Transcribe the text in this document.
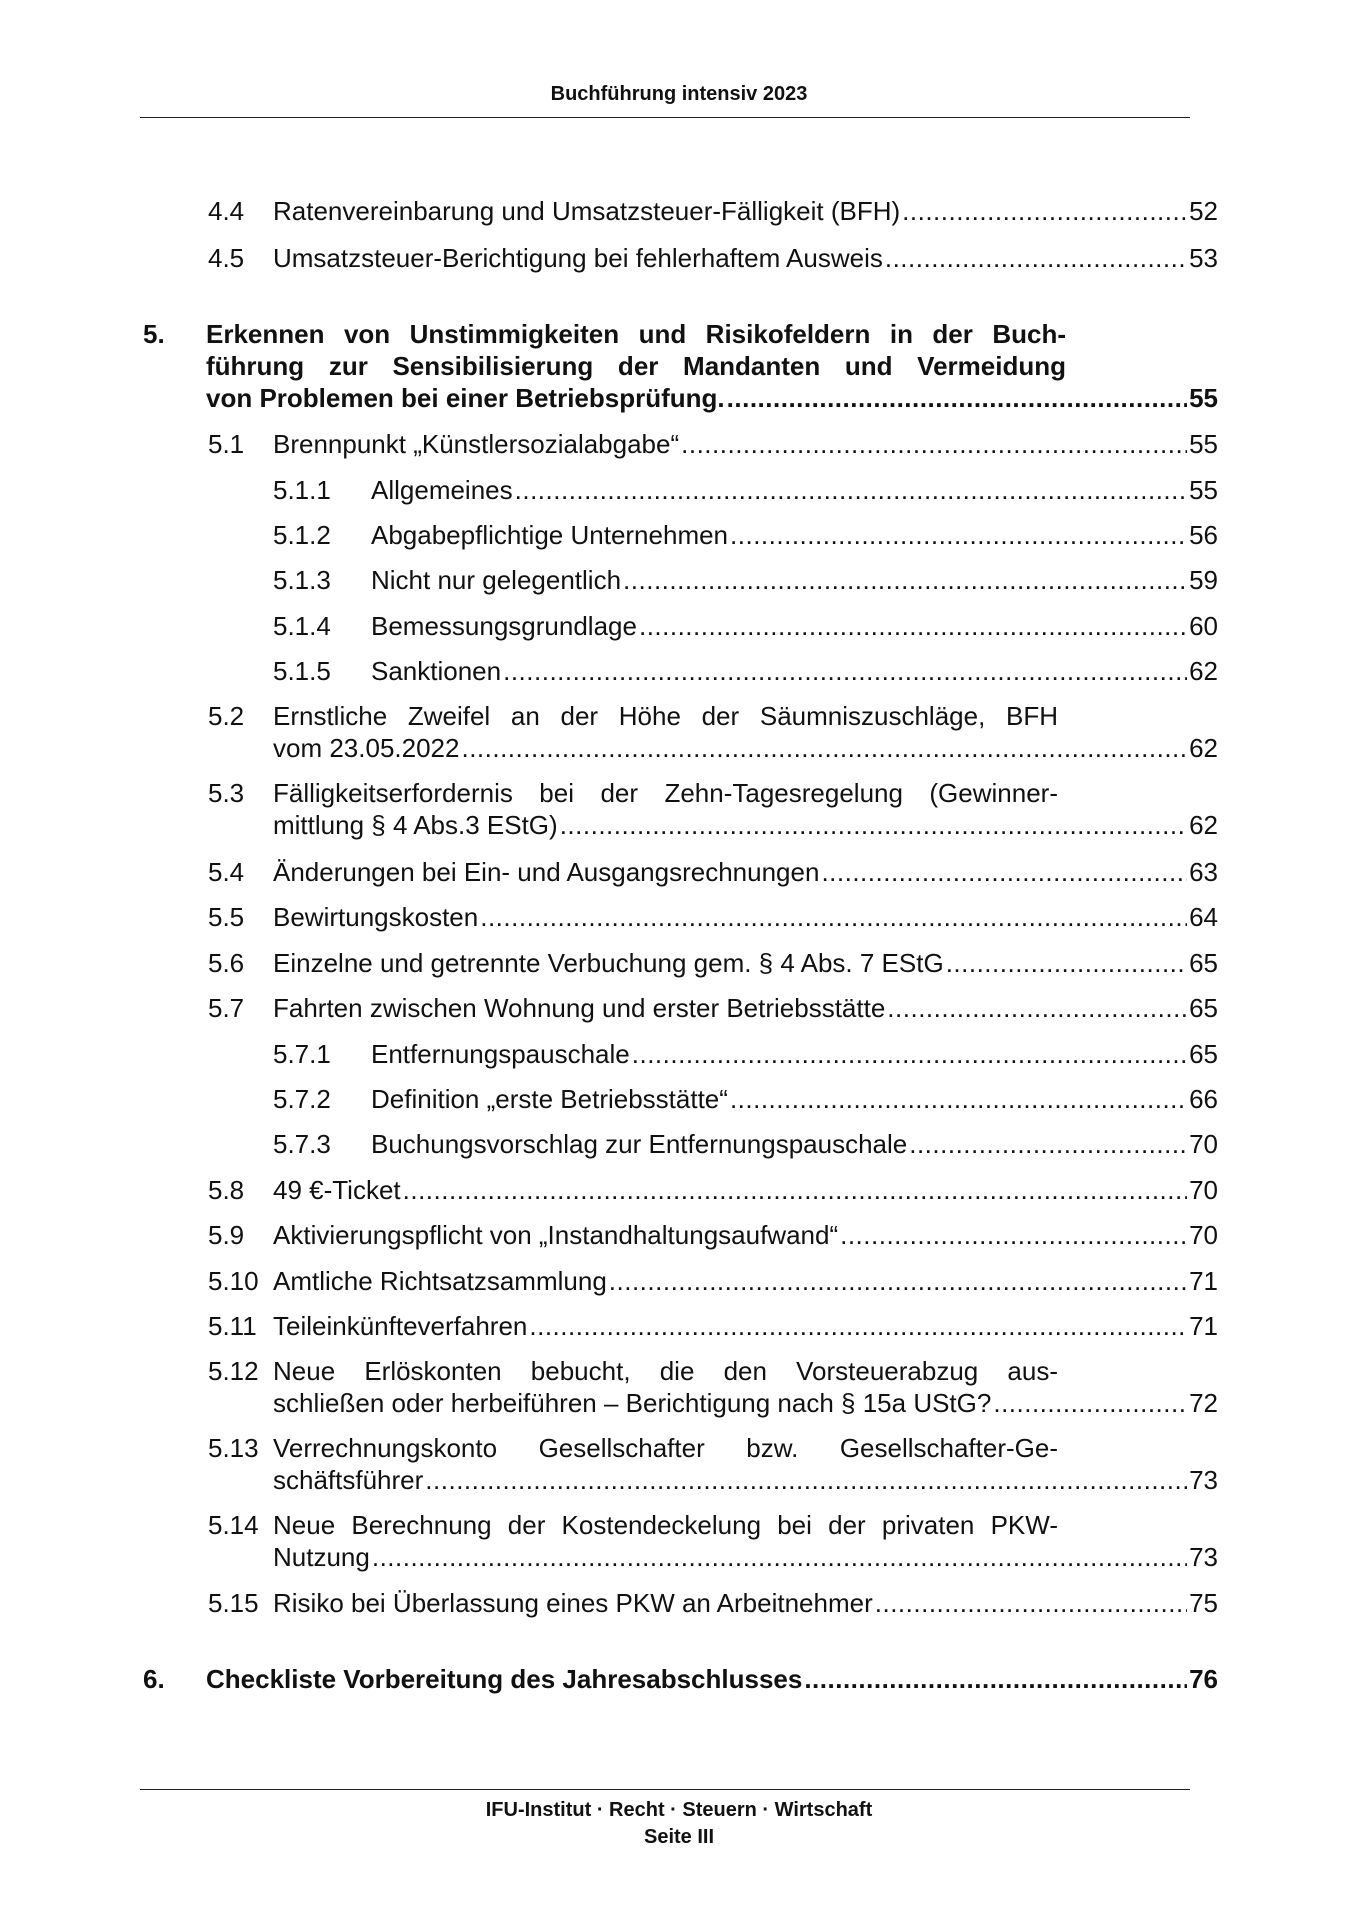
Buchführung intensiv 2023
4.4 Ratenvereinbarung und Umsatzsteuer-Fälligkeit (BFH) .....	52
4.5 Umsatzsteuer-Berichtigung bei fehlerhaftem Ausweis .....	53
5. Erkennen von Unstimmigkeiten und Risikofeldern in der Buch-
führung zur Sensibilisierung der Mandanten und Vermeidung
von Problemen bei einer Betriebsprüfung. .....	55
5.1 Brennpunkt „Künstlersozialabgabe“ .....	55
5.1.1 Allgemeines .....	55
5.1.2 Abgabepflichtige Unternehmen .....	56
5.1.3 Nicht nur gelegentlich .....	59
5.1.4 Bemessungsgrundlage .....	60
5.1.5 Sanktionen .....	62
5.2 Ernstliche Zweifel an der Höhe der Säumniszuschläge, BFH
vom 23.05.2022 .....	62
5.3 Fälligkeitserfordernis bei der Zehn-Tagesregelung (Gewinner-
mittlung § 4 Abs.3 EStG) .....	62
5.4 Änderungen bei Ein- und Ausgangsrechnungen .....	63
5.5 Bewirtungskosten .....	64
5.6 Einzelne und getrennte Verbuchung gem. § 4 Abs. 7 EStG .....	65
5.7 Fahrten zwischen Wohnung und erster Betriebsstätte .....	65
5.7.1 Entfernungspauschale .....	65
5.7.2 Definition „erste Betriebsstätte“ .....	66
5.7.3 Buchungsvorschlag zur Entfernungspauschale .....	70
5.8 49 €-Ticket .....	70
5.9 Aktivierungspflicht von „Instandhaltungsaufwand“ .....	70
5.10 Amtliche Richtsatzsammlung .....	71
5.11 Teileinkünfteverfahren .....	71
5.12 Neue Erlöskonten bebucht, die den Vorsteuerabzug aus-
schließen oder herbeiführen – Berichtigung nach § 15a UStG? .....	72
5.13 Verrechnungskonto Gesellschafter bzw. Gesellschafter-Ge-
schäftsführer .....	73
5.14 Neue Berechnung der Kostendeckelung bei der privaten PKW-
Nutzung .....	73
5.15 Risiko bei Überlassung eines PKW an Arbeitnehmer .....	75
6. Checkliste Vorbereitung des Jahresabschlusses .....	76
IFU-Institut · Recht · Steuern · Wirtschaft
Seite III
